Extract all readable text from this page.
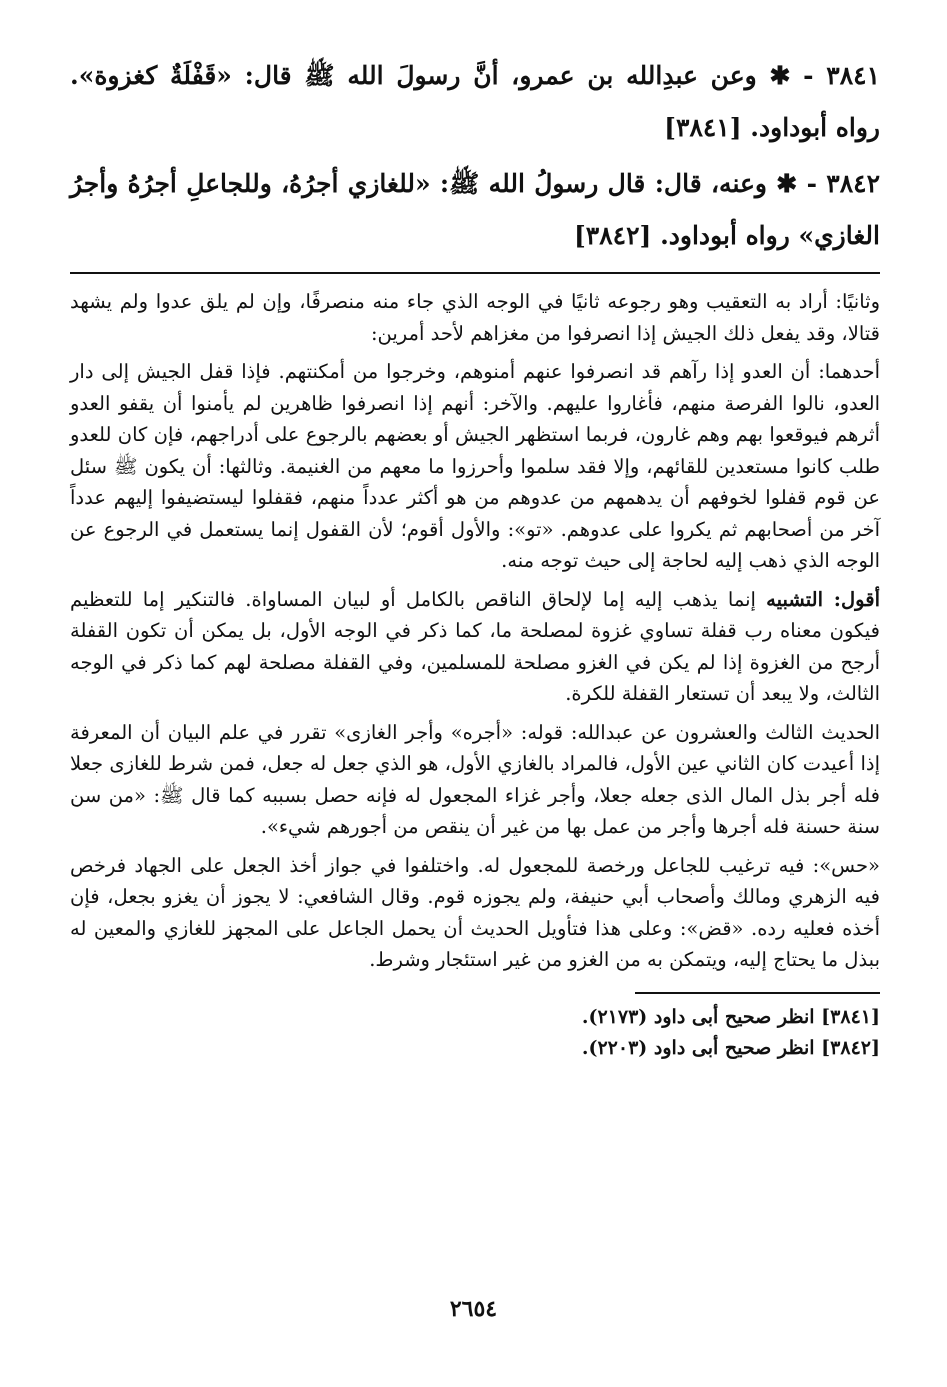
٣٨٤١ - ✱ وعن عبدِالله بن عمرو، أنَّ رسولَ الله ﷺ قال: «قَفْلَةٌ كغزوة». رواه أبوداود. [٣٨٤١]

٣٨٤٢ - ✱ وعنه، قال: قال رسولُ الله ﷺ: «للغازي أجرُهُ، وللجاعلِ أجرُهُ وأجرُ الغازي» رواه أبوداود. [٣٨٤٢]

وثانيًا: أراد به التعقيب وهو رجوعه ثانيًا في الوجه الذي جاء منه منصرفًا، وإن لم يلق عدوا ولم يشهد قتالا، وقد يفعل ذلك الجيش إذا انصرفوا من مغزاهم لأحد أمرين:

أحدهما: أن العدو إذا رآهم قد انصرفوا عنهم أمنوهم، وخرجوا من أمكنتهم. فإذا قفل الجيش إلى دار العدو، نالوا الفرصة منهم، فأغاروا عليهم. والآخر: أنهم إذا انصرفوا ظاهرين لم يأمنوا أن يقفو العدو أثرهم فيوقعوا بهم وهم غارون، فربما استظهر الجيش أو بعضهم بالرجوع على أدراجهم، فإن كان للعدو طلب كانوا مستعدين للقائهم، وإلا فقد سلموا وأحرزوا ما معهم من الغنيمة. وثالثها: أن يكون ﷺ سئل عن قوم قفلوا لخوفهم أن يدهمهم من عدوهم من هو أكثر عدداً منهم، فقفلوا ليستضيفوا إليهم عدداً آخر من أصحابهم ثم يكروا على عدوهم. «تو»: والأول أقوم؛ لأن القفول إنما يستعمل في الرجوع عن الوجه الذي ذهب إليه لحاجة إلى حيث توجه منه.

أقول: التشبيه إنما يذهب إليه إما لإلحاق الناقص بالكامل أو لبيان المساواة. فالتنكير إما للتعظيم فيكون معناه رب قفلة تساوي غزوة لمصلحة ما، كما ذكر في الوجه الأول، بل يمكن أن تكون القفلة أرجح من الغزوة إذا لم يكن في الغزو مصلحة للمسلمين، وفي القفلة مصلحة لهم كما ذكر في الوجه الثالث، ولا يبعد أن تستعار القفلة للكرة.

الحديث الثالث والعشرون عن عبدالله: قوله: «أجره» وأجر الغازى» تقرر في علم البيان أن المعرفة إذا أعيدت كان الثاني عين الأول، فالمراد بالغازي الأول، هو الذي جعل له جعل، فمن شرط للغازى جعلا فله أجر بذل المال الذى جعله جعلا، وأجر غزاء المجعول له فإنه حصل بسببه كما قال ﷺ: «من سن سنة حسنة فله أجرها وأجر من عمل بها من غير أن ينقص من أجورهم شيء».

«حس»: فيه ترغيب للجاعل ورخصة للمجعول له. واختلفوا في جواز أخذ الجعل على الجهاد فرخص فيه الزهري ومالك وأصحاب أبي حنيفة، ولم يجوزه قوم. وقال الشافعي: لا يجوز أن يغزو بجعل، فإن أخذه فعليه رده. «قض»: وعلى هذا فتأويل الحديث أن يحمل الجاعل على المجهز للغازي والمعين له ببذل ما يحتاج إليه، ويتمكن به من الغزو من غير استئجار وشرط.

[٣٨٤١] انظر صحيح أبى داود (٢١٧٣).

[٣٨٤٢] انظر صحيح أبى داود (٢٢٠٣).

٢٦٥٤
